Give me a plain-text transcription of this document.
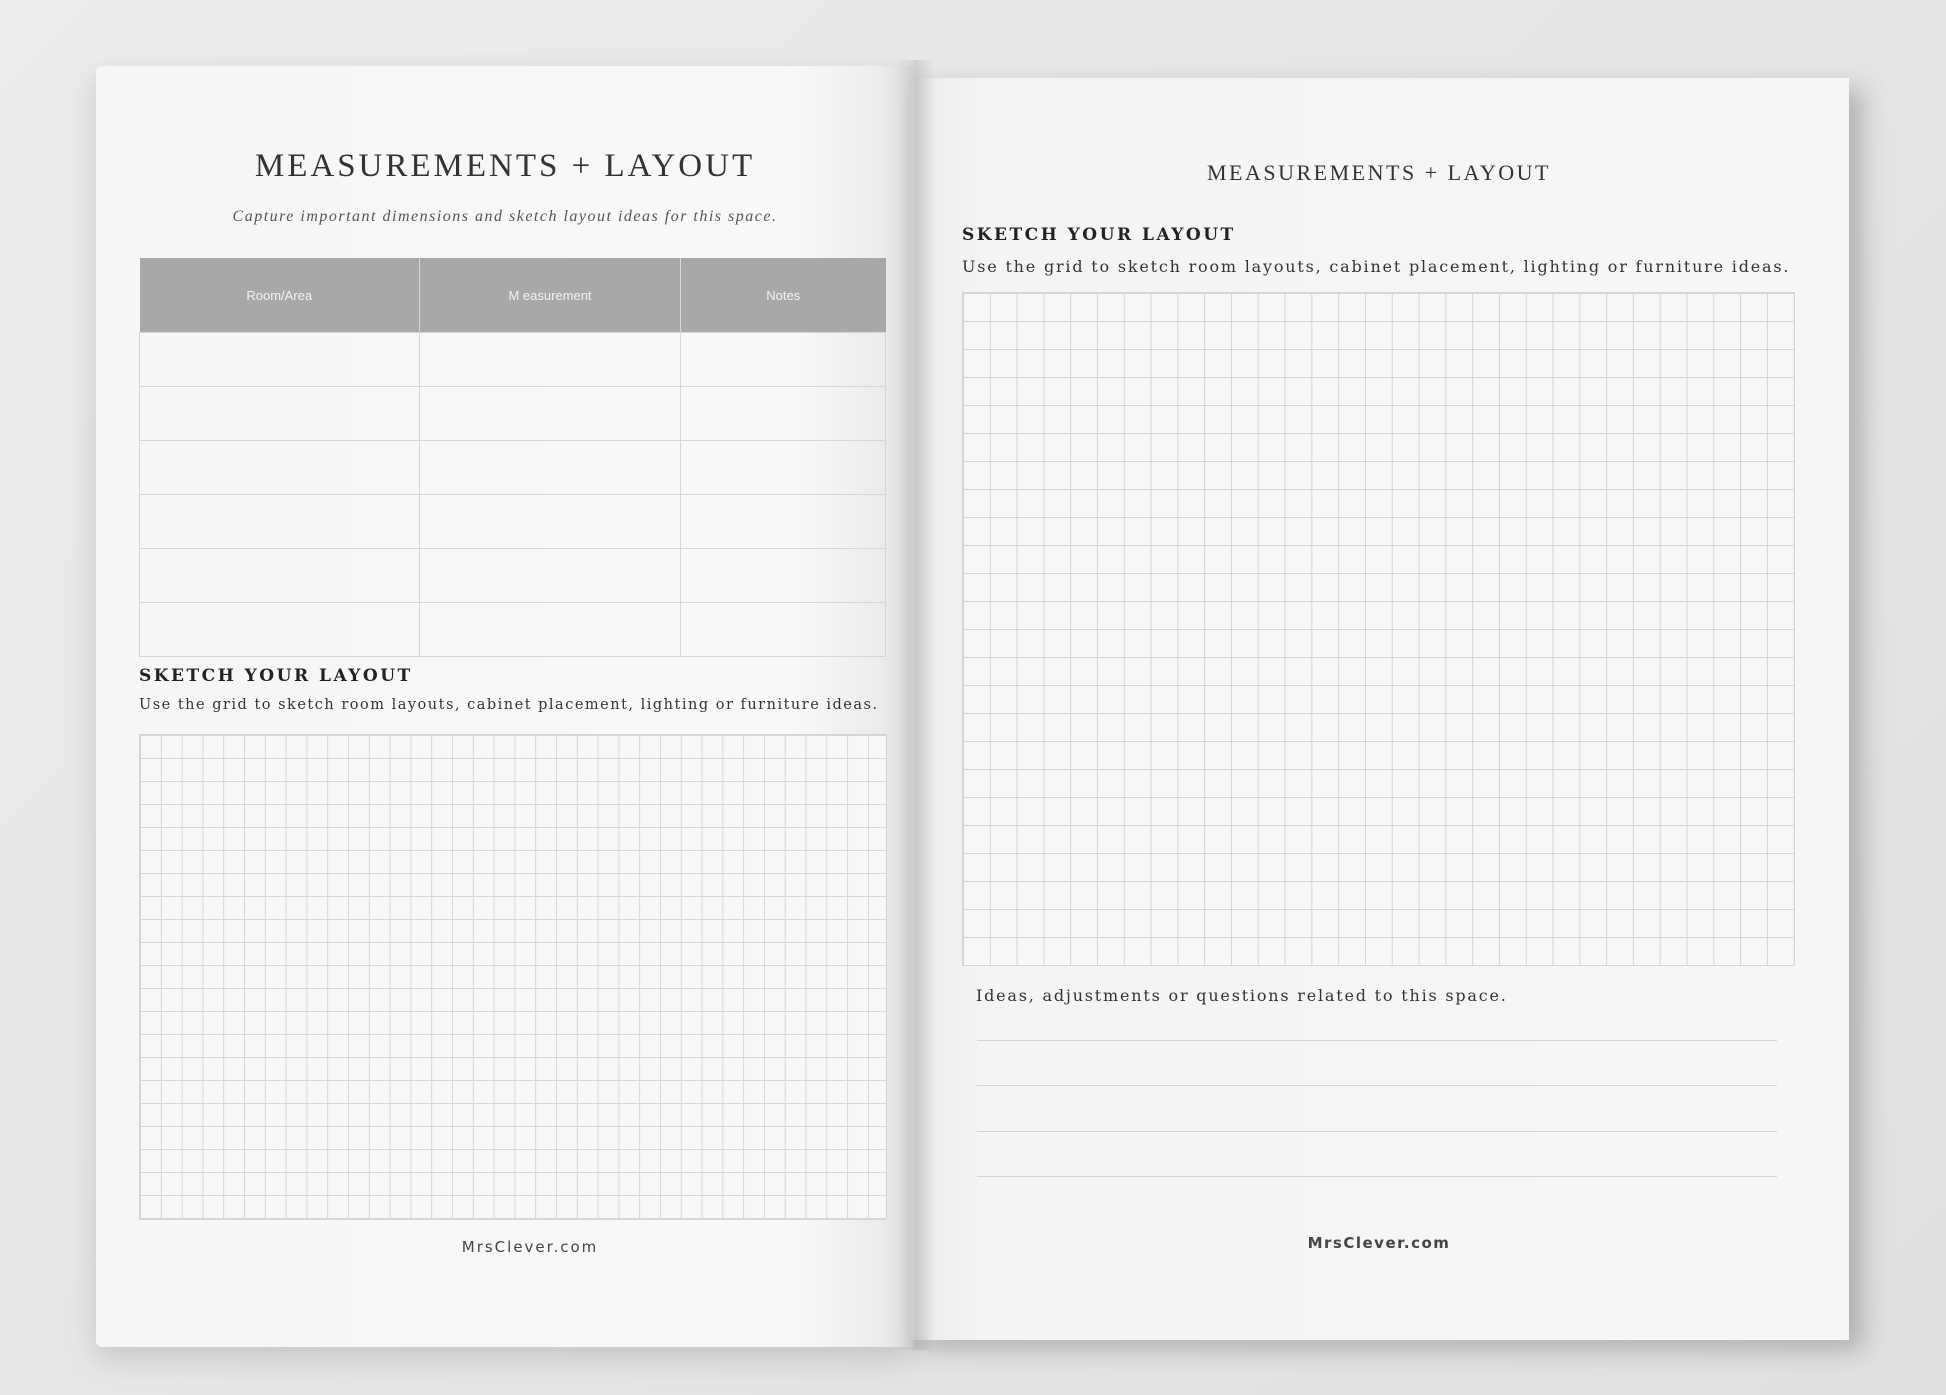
MEASUREMENTS + LAYOUT
Capture important dimensions and sketch layout ideas for this space.
Room/Area	M easurement	Notes

SKETCH YOUR LAYOUT
Use the grid to sketch room layouts, cabinet placement, lighting or furniture ideas.
MrsClever.com
MEASUREMENTS + LAYOUT
SKETCH YOUR LAYOUT
Use the grid to sketch room layouts, cabinet placement, lighting or furniture ideas.
Ideas, adjustments or questions related to this space.
MrsClever.com
